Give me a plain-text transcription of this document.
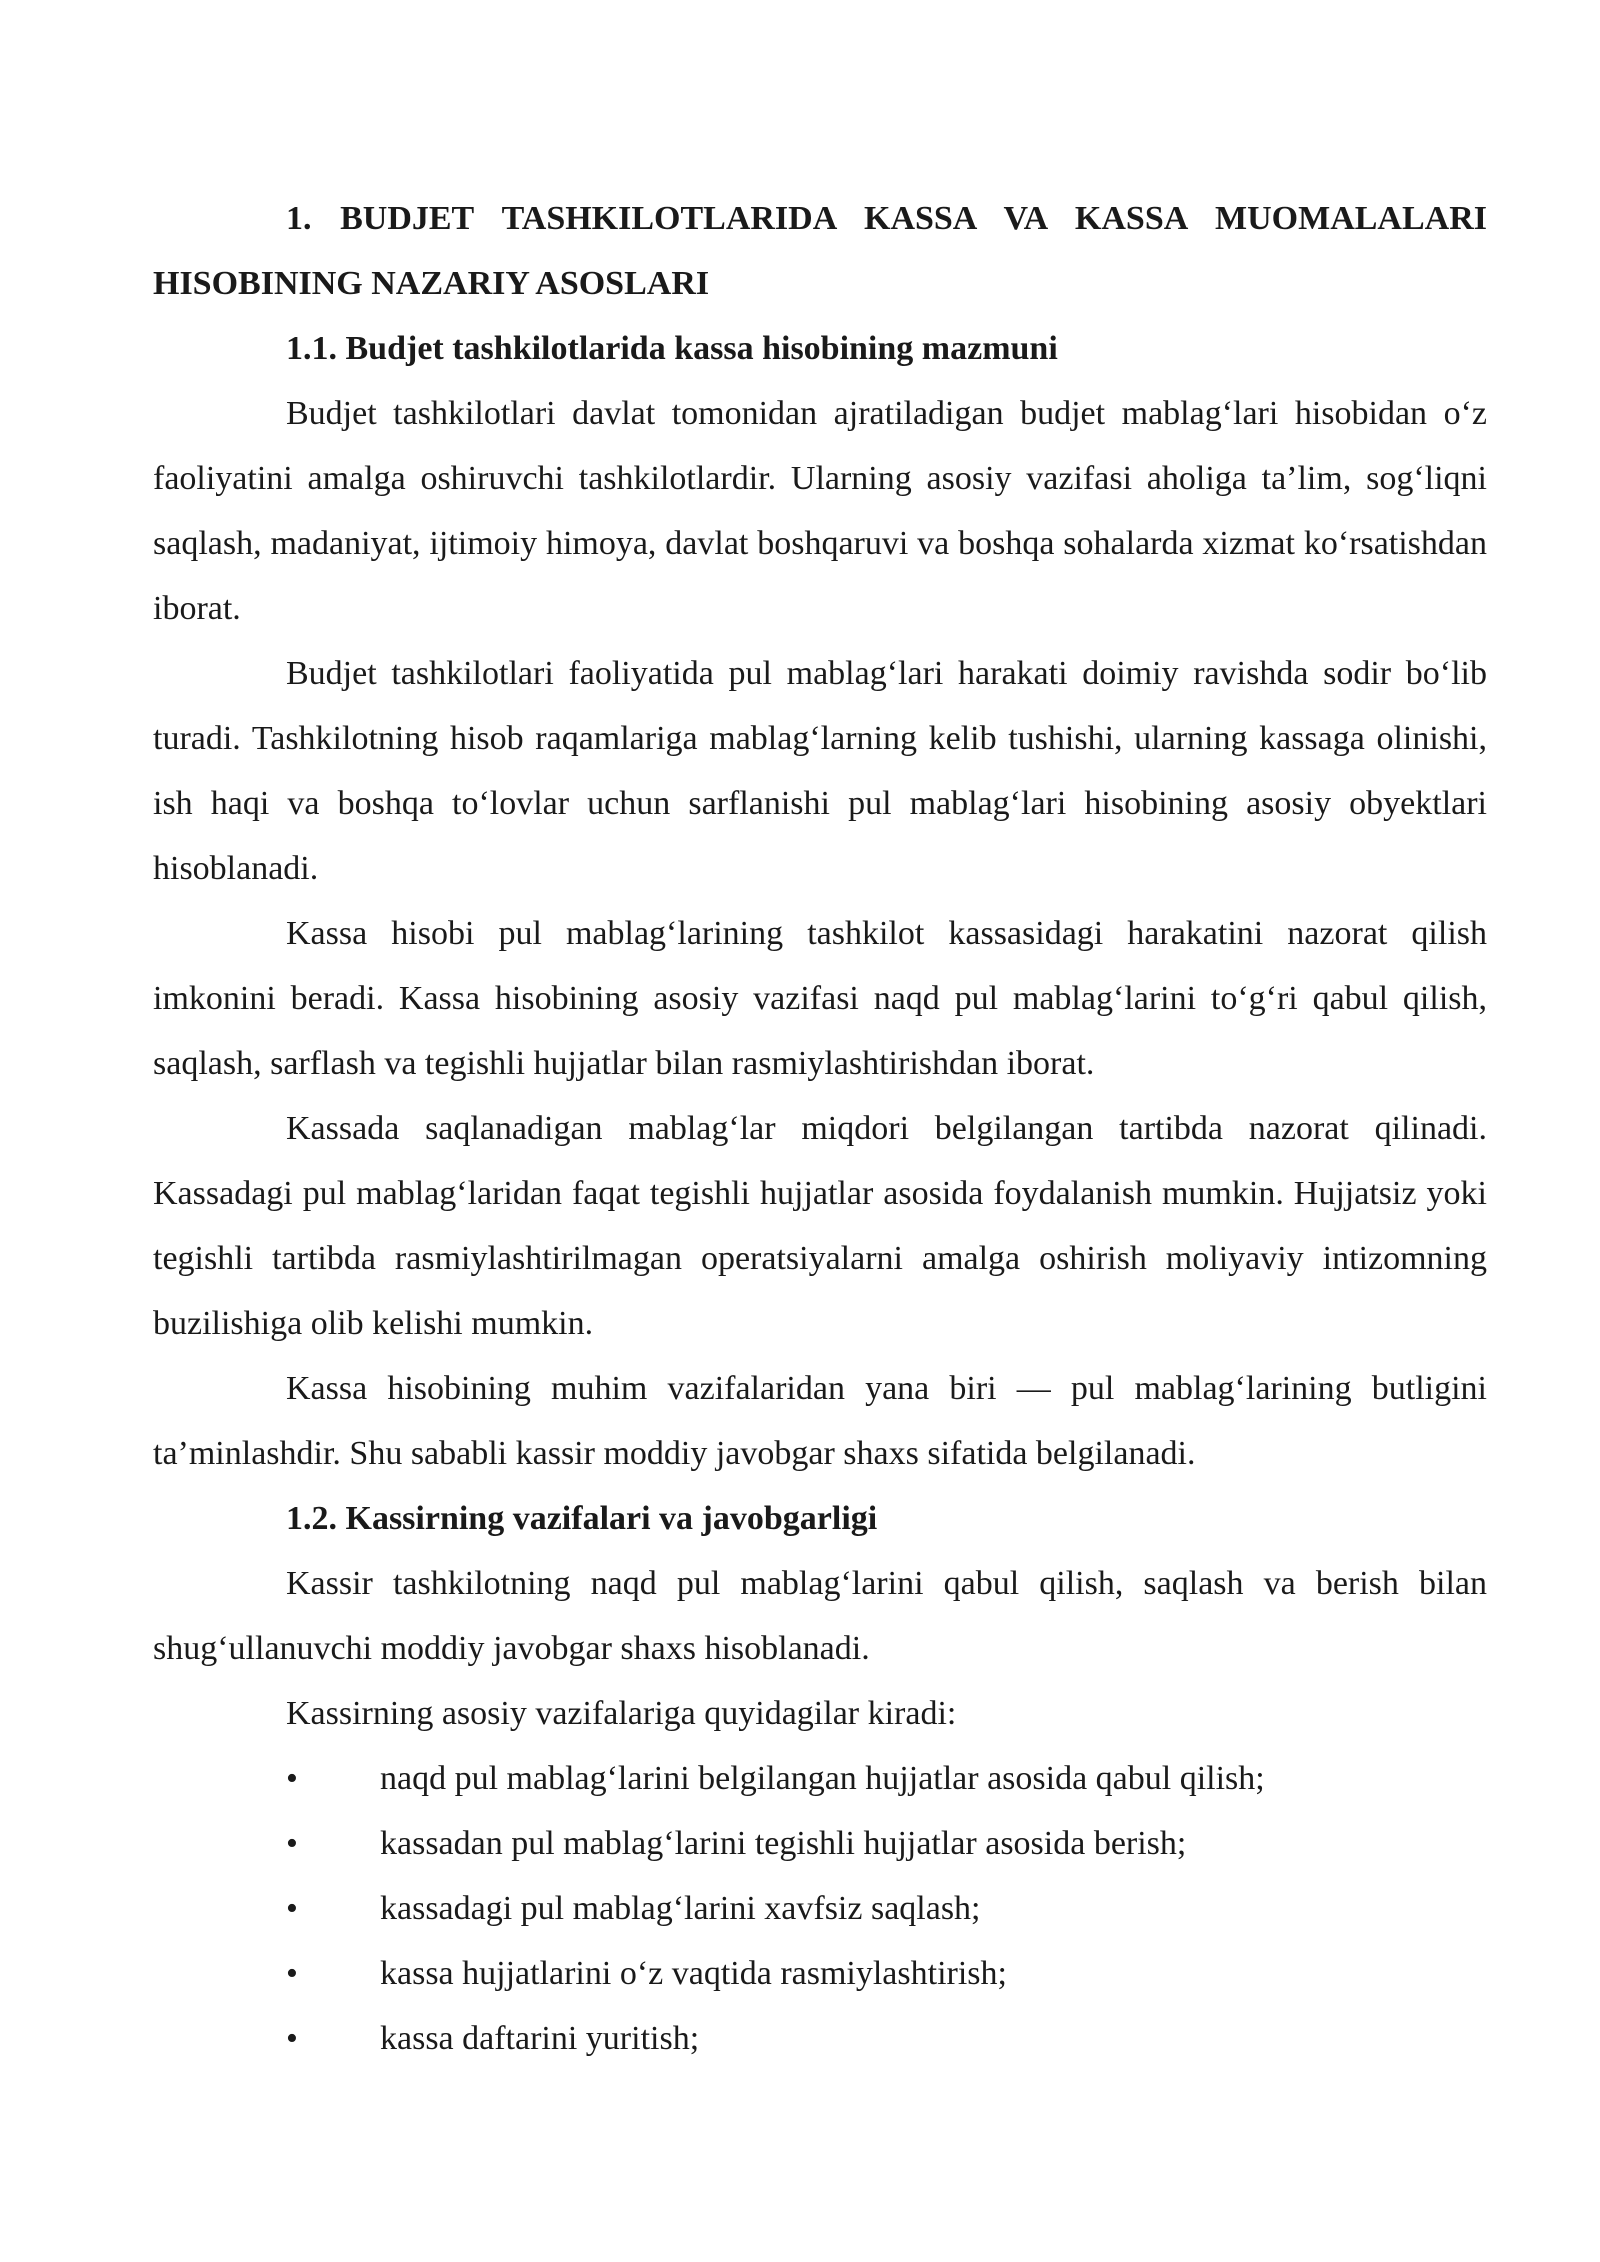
1. BUDJET TASHKILOTLARIDA KASSA VA KASSA MUOMALALARI HISOBINING NAZARIY ASOSLARI

1.1. Budjet tashkilotlarida kassa hisobining mazmuni

Budjet tashkilotlari davlat tomonidan ajratiladigan budjet mablag‘lari hisobidan o‘z faoliyatini amalga oshiruvchi tashkilotlardir. Ularning asosiy vazifasi aholiga ta’lim, sog‘liqni saqlash, madaniyat, ijtimoiy himoya, davlat boshqaruvi va boshqa sohalarda xizmat ko‘rsatishdan iborat.

Budjet tashkilotlari faoliyatida pul mablag‘lari harakati doimiy ravishda sodir bo‘lib turadi. Tashkilotning hisob raqamlariga mablag‘larning kelib tushishi, ularning kassaga olinishi, ish haqi va boshqa to‘lovlar uchun sarflanishi pul mablag‘lari hisobining asosiy obyektlari hisoblanadi.

Kassa hisobi pul mablag‘larining tashkilot kassasidagi harakatini nazorat qilish imkonini beradi. Kassa hisobining asosiy vazifasi naqd pul mablag‘larini to‘g‘ri qabul qilish, saqlash, sarflash va tegishli hujjatlar bilan rasmiylashtirishdan iborat.

Kassada saqlanadigan mablag‘lar miqdori belgilangan tartibda nazorat qilinadi. Kassadagi pul mablag‘laridan faqat tegishli hujjatlar asosida foydalanish mumkin. Hujjatsiz yoki tegishli tartibda rasmiylashtirilmagan operatsiyalarni amalga oshirish moliyaviy intizomning buzilishiga olib kelishi mumkin.

Kassa hisobining muhim vazifalaridan yana biri — pul mablag‘larining butligini ta’minlashdir. Shu sababli kassir moddiy javobgar shaxs sifatida belgilanadi.

1.2. Kassirning vazifalari va javobgarligi

Kassir tashkilotning naqd pul mablag‘larini qabul qilish, saqlash va berish bilan shug‘ullanuvchi moddiy javobgar shaxs hisoblanadi.

Kassirning asosiy vazifalariga quyidagilar kiradi:

• naqd pul mablag‘larini belgilangan hujjatlar asosida qabul qilish;
• kassadan pul mablag‘larini tegishli hujjatlar asosida berish;
• kassadagi pul mablag‘larini xavfsiz saqlash;
• kassa hujjatlarini o‘z vaqtida rasmiylashtirish;
• kassa daftarini yuritish;
